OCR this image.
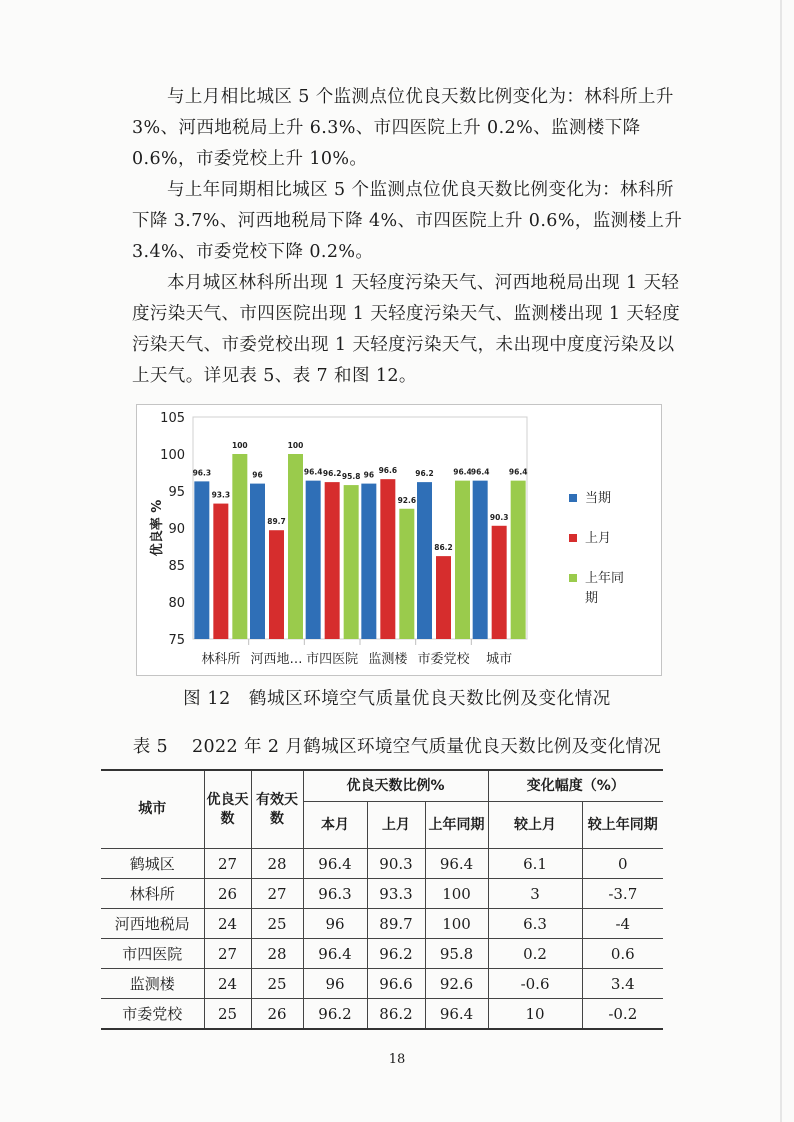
与上月相比城区 5 个监测点位优良天数比例变化为：林科所上升 3%、河西地税局上升 6.3%、市四医院上升 0.2%、监测楼下降 0.6%，市委党校上升 10%。

与上年同期相比城区 5 个监测点位优良天数比例变化为：林科所下降 3.7%、河西地税局下降 4%、市四医院上升 0.6%，监测楼上升 3.4%、市委党校下降 0.2%。

本月城区林科所出现 1 天轻度污染天气、河西地税局出现 1 天轻度污染天气、市四医院出现 1 天轻度污染天气、监测楼出现 1 天轻度污染天气、市委党校出现 1 天轻度污染天气，未出现中度度污染及以上天气。详见表 5、表 7 和图 12。

75
80
85
90
95
100
105
优良率 %
96.3
93.3
100
林科所
96
89.7
100
河西地…
96.4 96.2 95.8
市四医院
96 96.6
92.6
监测楼
96.2
86.2
96.4
市委党校
96.4
90.3
96.4
城市
当期
上月
上年同
期
图 12　鹤城区环境空气质量优良天数比例及变化情况
表 5　 2022 年 2 月鹤城区环境空气质量优良天数比例及变化情况
城市	优良天数	有效天数	优良天数比例%			变化幅度（%）	
			本月	上月	上年同期	较上月	较上年同期
鹤城区	27	28	96.4	90.3	96.4	6.1	0
林科所	26	27	96.3	93.3	100	3	-3.7
河西地税局	24	25	96	89.7	100	6.3	-4
市四医院	27	28	96.4	96.2	95.8	0.2	0.6
监测楼	24	25	96	96.6	92.6	-0.6	3.4
市委党校	25	26	96.2	86.2	96.4	10	-0.2
18
